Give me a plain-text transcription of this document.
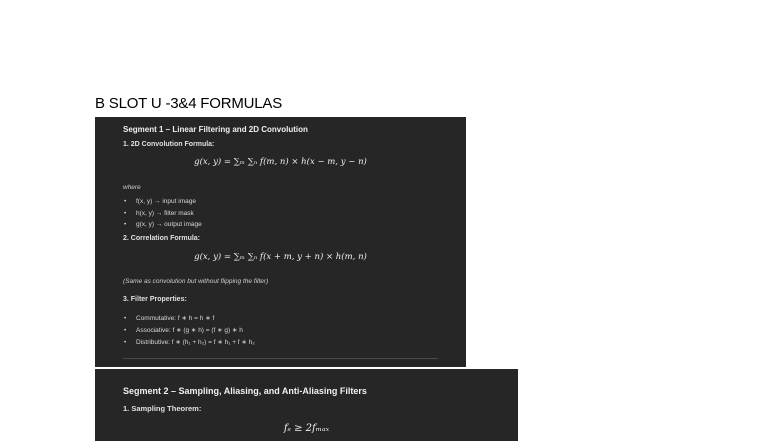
B SLOT U -3&4 FORMULAS
Segment 1 – Linear Filtering and 2D Convolution
1. 2D Convolution Formula:
g(x, y) = ∑ₘ ∑ₙ f(m, n) × h(x − m, y − n)
where
• f(x, y) → input image
• h(x, y) → filter mask
• g(x, y) → output image
2. Correlation Formula:
g(x, y) = ∑ₘ ∑ₙ f(x + m, y + n) × h(m, n)
(Same as convolution but without flipping the filter)
3. Filter Properties:
• Commutative: f ∗ h = h ∗ f
• Associative: f ∗ (g ∗ h) = (f ∗ g) ∗ h
• Distributive: f ∗ (h₁ + h₂) = f ∗ h₁ + f ∗ h₂
Segment 2 – Sampling, Aliasing, and Anti-Aliasing Filters
1. Sampling Theorem:
fₛ ≥ 2fₘₐₓ
